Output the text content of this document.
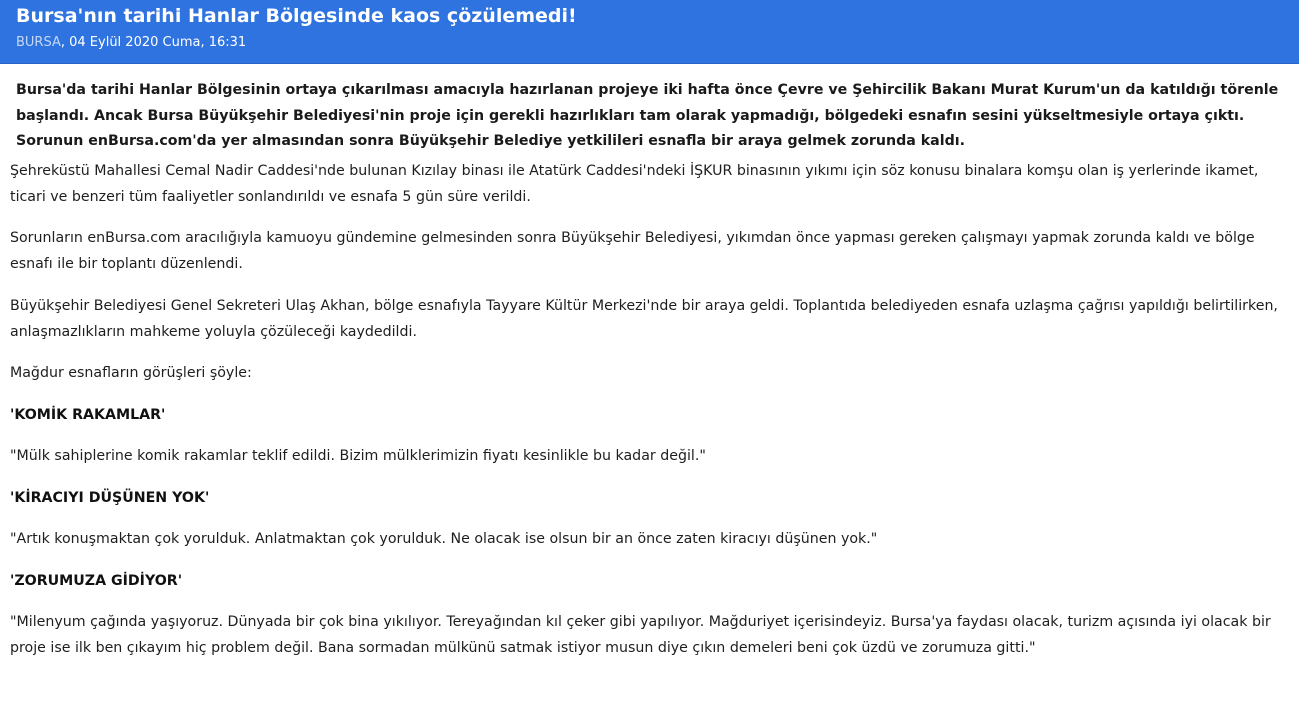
Bursa'nın tarihi Hanlar Bölgesinde kaos çözülemedi!
BURSA, 04 Eylül 2020 Cuma, 16:31

Bursa'da tarihi Hanlar Bölgesinin ortaya çıkarılması amacıyla hazırlanan projeye iki hafta önce Çevre ve Şehircilik Bakanı Murat Kurum'un da katıldığı törenle başlandı. Ancak Bursa Büyükşehir Belediyesi'nin proje için gerekli hazırlıkları tam olarak yapmadığı, bölgedeki esnafın sesini yükseltmesiyle ortaya çıktı. Sorunun enBursa.com'da yer almasından sonra Büyükşehir Belediye yetkilileri esnafla bir araya gelmek zorunda kaldı.

Şehreküstü Mahallesi Cemal Nadir Caddesi'nde bulunan Kızılay binası ile Atatürk Caddesi'ndeki İŞKUR binasının yıkımı için söz konusu binalara komşu olan iş yerlerinde ikamet, ticari ve benzeri tüm faaliyetler sonlandırıldı ve esnafa 5 gün süre verildi.

Sorunların enBursa.com aracılığıyla kamuoyu gündemine gelmesinden sonra Büyükşehir Belediyesi, yıkımdan önce yapması gereken çalışmayı yapmak zorunda kaldı ve bölge esnafı ile bir toplantı düzenlendi.

Büyükşehir Belediyesi Genel Sekreteri Ulaş Akhan, bölge esnafıyla Tayyare Kültür Merkezi'nde bir araya geldi. Toplantıda belediyeden esnafa uzlaşma çağrısı yapıldığı belirtilirken, anlaşmazlıkların mahkeme yoluyla çözüleceği kaydedildi.

Mağdur esnafların görüşleri şöyle:

'KOMİK RAKAMLAR'

"Mülk sahiplerine komik rakamlar teklif edildi. Bizim mülklerimizin fiyatı kesinlikle bu kadar değil."

'KİRACIYI DÜŞÜNEN YOK'

"Artık konuşmaktan çok yorulduk. Anlatmaktan çok yorulduk. Ne olacak ise olsun bir an önce zaten kiracıyı düşünen yok."

'ZORUMUZA GİDİYOR'

"Milenyum çağında yaşıyoruz. Dünyada bir çok bina yıkılıyor. Tereyağından kıl çeker gibi yapılıyor. Mağduriyet içerisindeyiz. Bursa'ya faydası olacak, turizm açısında iyi olacak bir proje ise ilk ben çıkayım hiç problem değil. Bana sormadan mülkünü satmak istiyor musun diye çıkın demeleri beni çok üzdü ve zorumuza gitti."
